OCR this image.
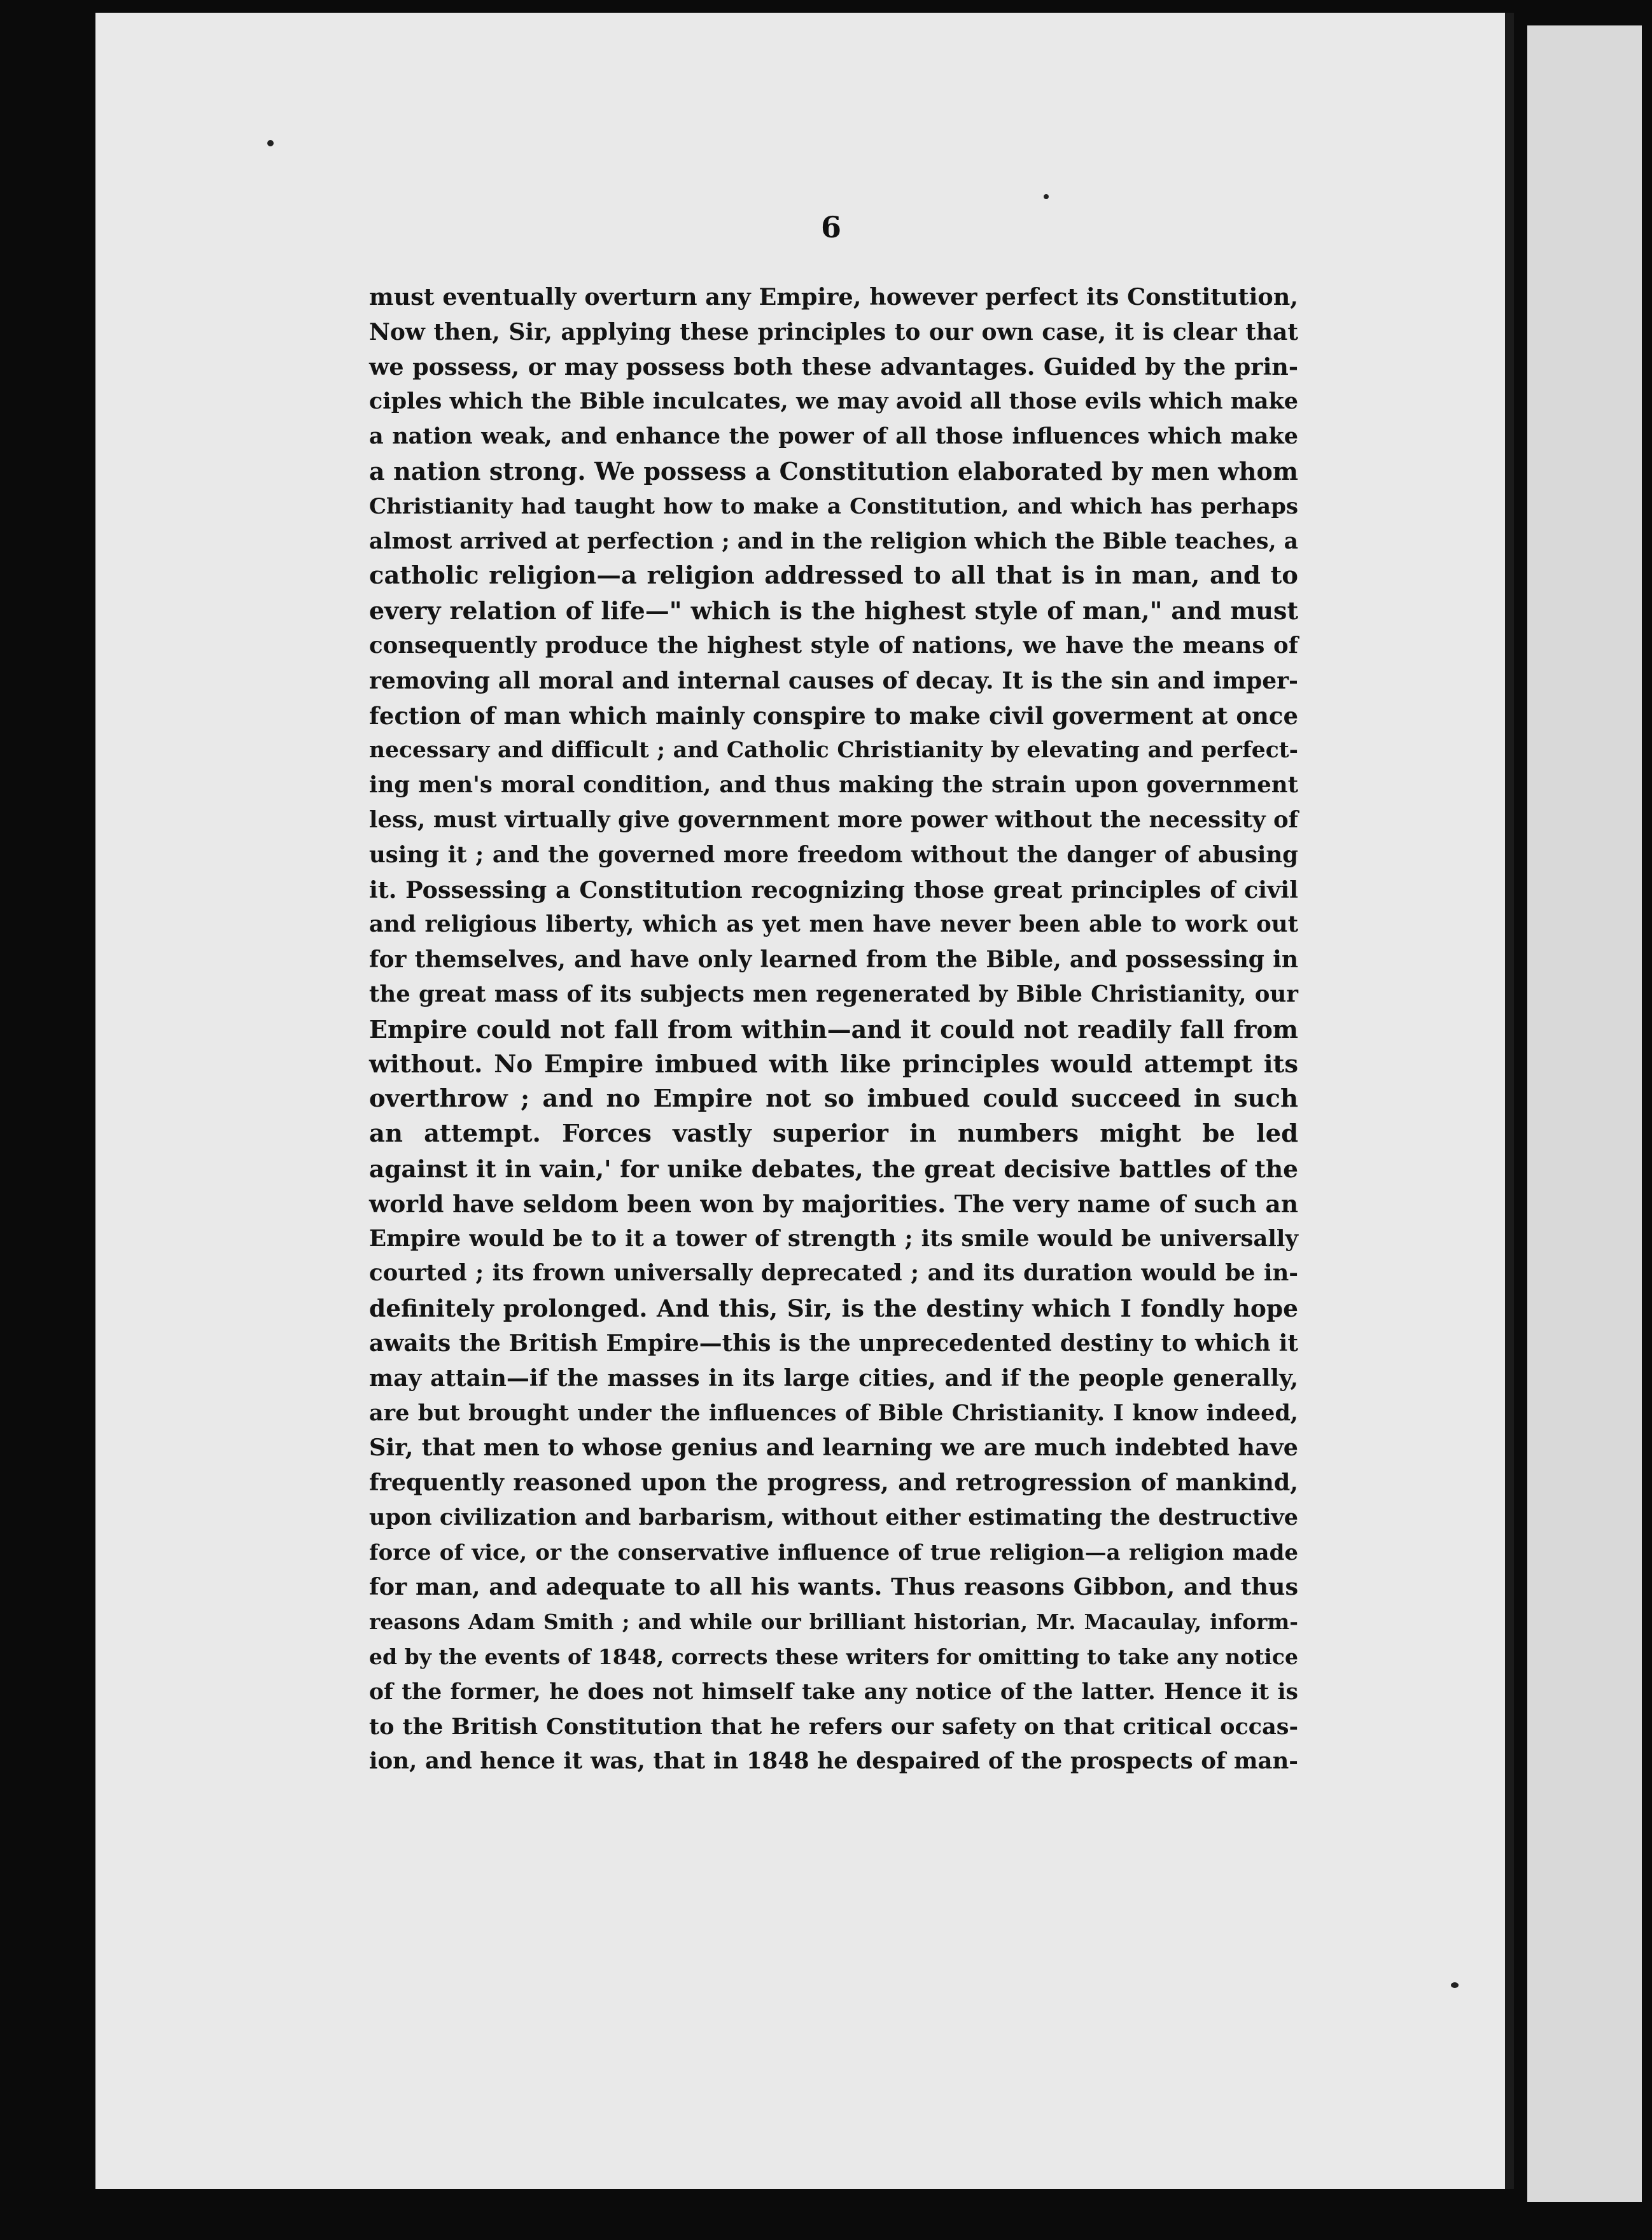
6
must eventually overturn any Empire, however perfect its Constitution,
Now then, Sir, applying these principles to our own case, it is clear that
we possess, or may possess both these advantages. Guided by the prin-
ciples which the Bible inculcates, we may avoid all those evils which make
a nation weak, and enhance the power of all those influences which make
a nation strong. We possess a Constitution elaborated by men whom
Christianity had taught how to make a Constitution, and which has perhaps
almost arrived at perfection ; and in the religion which the Bible teaches, a
catholic religion—a religion addressed to all that is in man, and to
every relation of life—" which is the highest style of man," and must
consequently produce the highest style of nations, we have the means of
removing all moral and internal causes of decay. It is the sin and imper-
fection of man which mainly conspire to make civil goverment at once
necessary and difficult ; and Catholic Christianity by elevating and perfect-
ing men's moral condition, and thus making the strain upon government
less, must virtually give government more power without the necessity of
using it ; and the governed more freedom without the danger of abusing
it. Possessing a Constitution recognizing those great principles of civil
and religious liberty, which as yet men have never been able to work out
for themselves, and have only learned from the Bible, and possessing in
the great mass of its subjects men regenerated by Bible Christianity, our
Empire could not fall from within—and it could not readily fall from
without. No Empire imbued with like principles would attempt its
overthrow ; and no Empire not so imbued could succeed in such
an attempt. Forces vastly superior in numbers might be led
against it in vain,' for unike debates, the great decisive battles of the
world have seldom been won by majorities. The very name of such an
Empire would be to it a tower of strength ; its smile would be universally
courted ; its frown universally deprecated ; and its duration would be in-
definitely prolonged. And this, Sir, is the destiny which I fondly hope
awaits the British Empire—this is the unprecedented destiny to which it
may attain—if the masses in its large cities, and if the people generally,
are but brought under the influences of Bible Christianity. I know indeed,
Sir, that men to whose genius and learning we are much indebted have
frequently reasoned upon the progress, and retrogression of mankind,
upon civilization and barbarism, without either estimating the destructive
force of vice, or the conservative influence of true religion—a religion made
for man, and adequate to all his wants. Thus reasons Gibbon, and thus
reasons Adam Smith ; and while our brilliant historian, Mr. Macaulay, inform-
ed by the events of 1848, corrects these writers for omitting to take any notice
of the former, he does not himself take any notice of the latter. Hence it is
to the British Constitution that he refers our safety on that critical occas-
ion, and hence it was, that in 1848 he despaired of the prospects of man-
